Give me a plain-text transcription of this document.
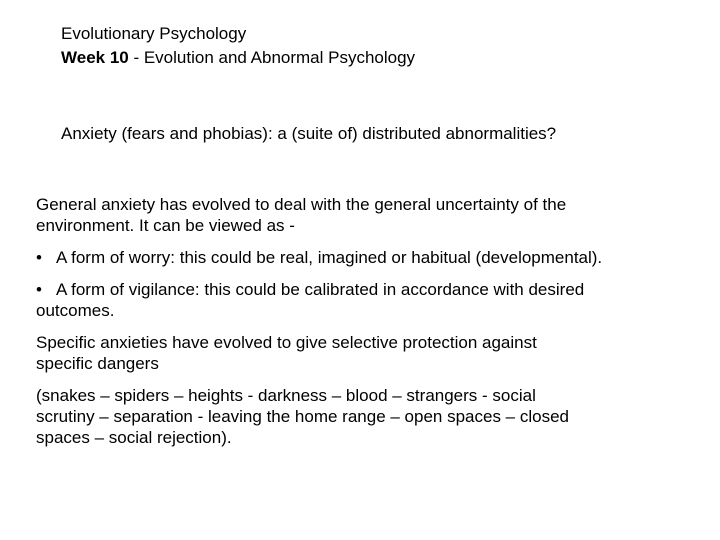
Evolutionary Psychology
Week 10 - Evolution and Abnormal Psychology
Anxiety (fears and phobias): a (suite of) distributed abnormalities?

General anxiety has evolved to deal with the general uncertainty of the
environment. It can be viewed as -

• A form of worry: this could be real, imagined or habitual (developmental).

• A form of vigilance: this could be calibrated in accordance with desired
outcomes.

Specific anxieties have evolved to give selective protection against
specific dangers

(snakes – spiders – heights - darkness – blood – strangers - social
scrutiny – separation - leaving the home range – open spaces – closed
spaces – social rejection).
